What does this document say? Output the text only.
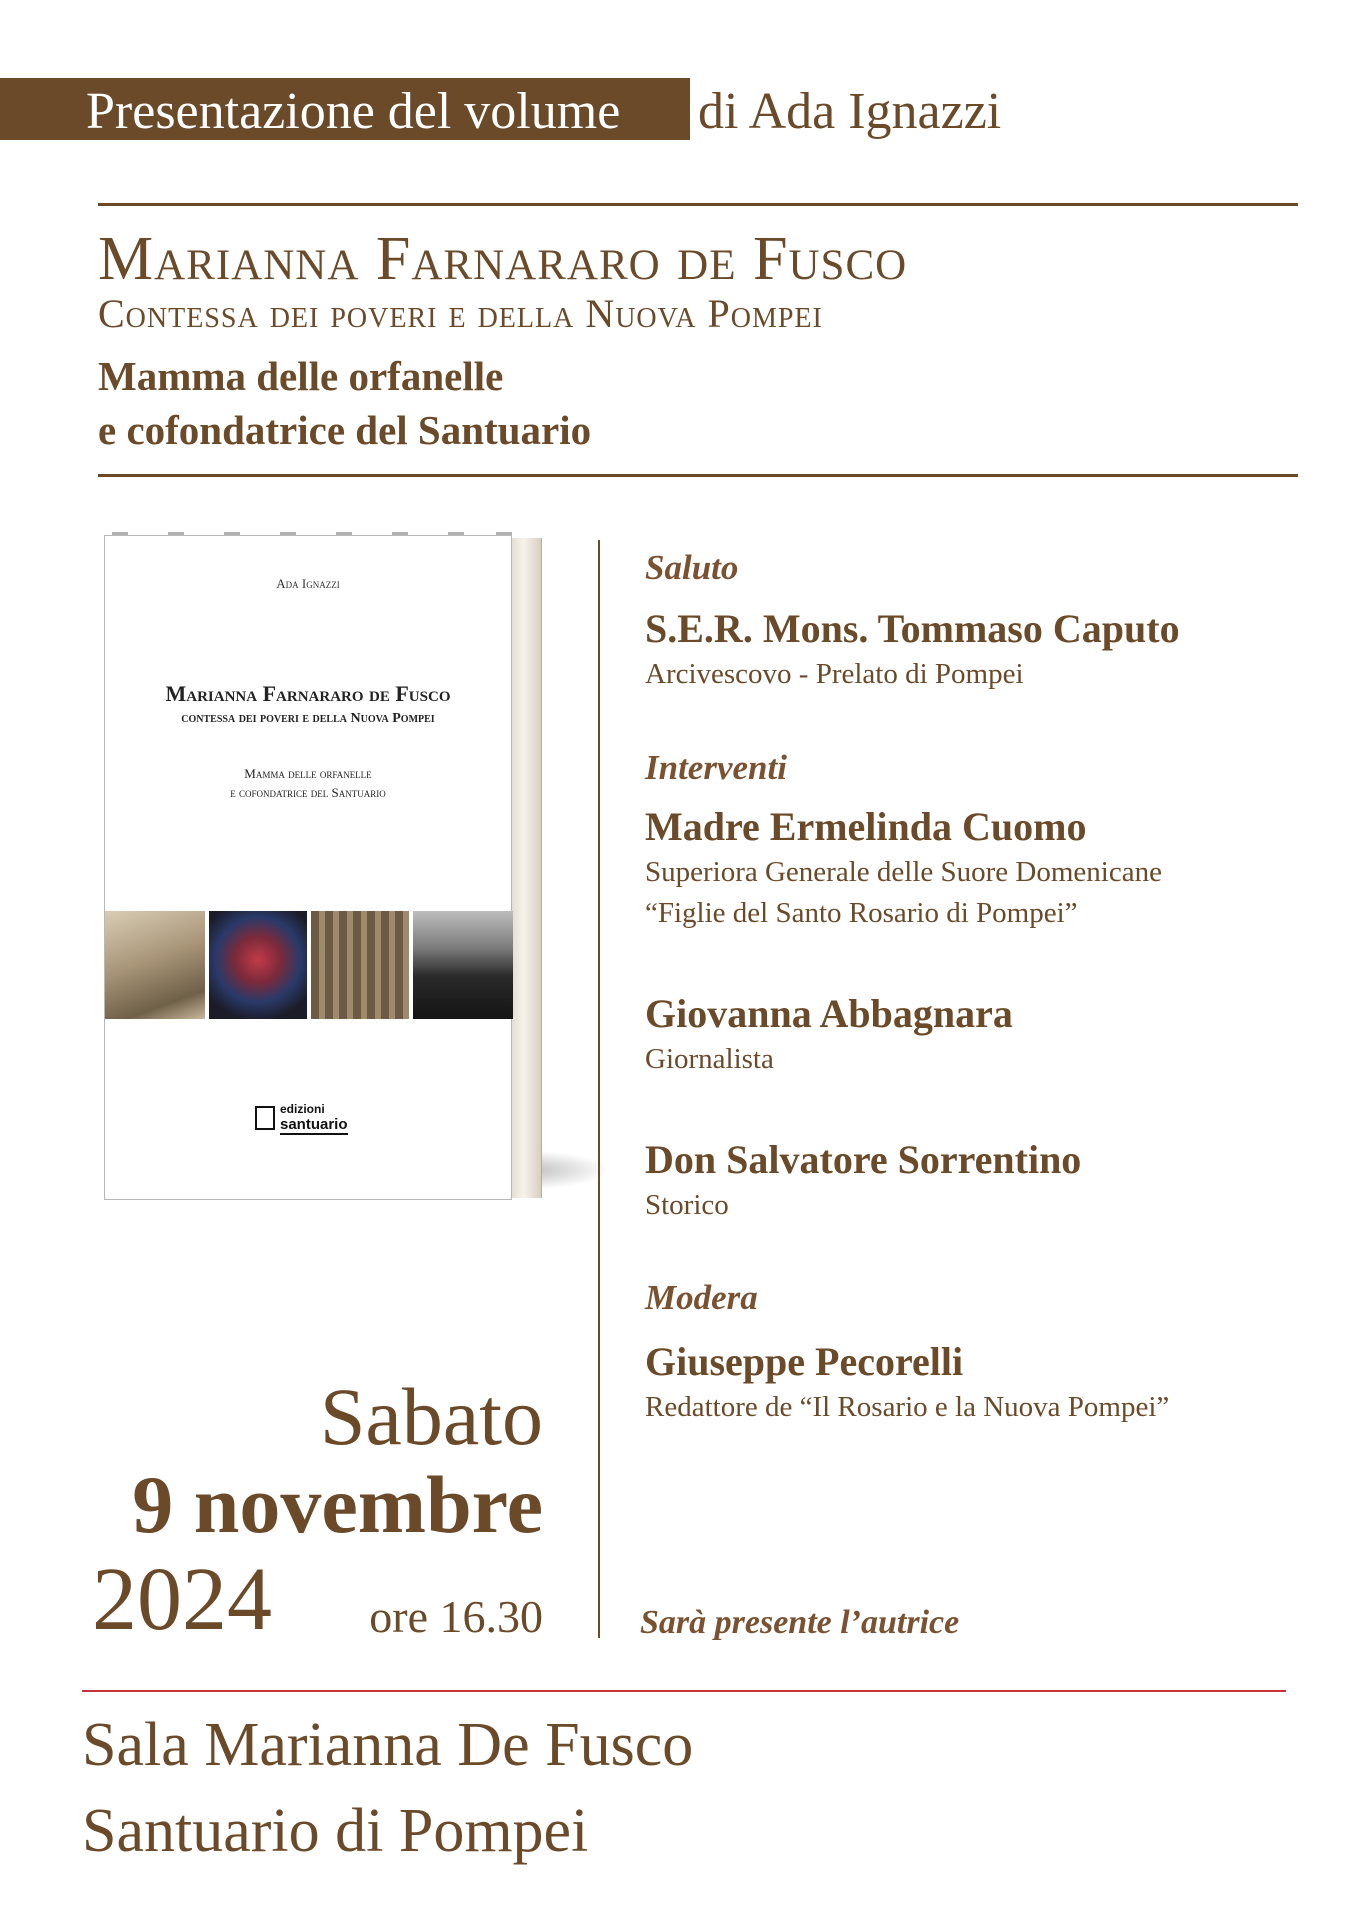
Presentazione del volume di Ada Ignazzi
Marianna Farnararo de Fusco
Contessa dei poveri e della Nuova Pompei
Mamma delle orfanelle
e cofondatrice del Santuario
Ada Ignazzi
Marianna Farnararo de Fusco
contessa dei poveri e della Nuova Pompei
Mamma delle orfanelle
e cofondatrice del Santuario
edizioni
santuario
Saluto
S.E.R. Mons. Tommaso Caputo
Arcivescovo - Prelato di Pompei
Interventi
Madre Ermelinda Cuomo
Superiora Generale delle Suore Domenicane
“Figlie del Santo Rosario di Pompei”
Giovanna Abbagnara
Giornalista
Don Salvatore Sorrentino
Storico
Modera
Giuseppe Pecorelli
Redattore de “Il Rosario e la Nuova Pompei”
Sabato
9 novembre
2024 ore 16.30	Sarà presente l’autrice
Sala Marianna De Fusco
Santuario di Pompei
